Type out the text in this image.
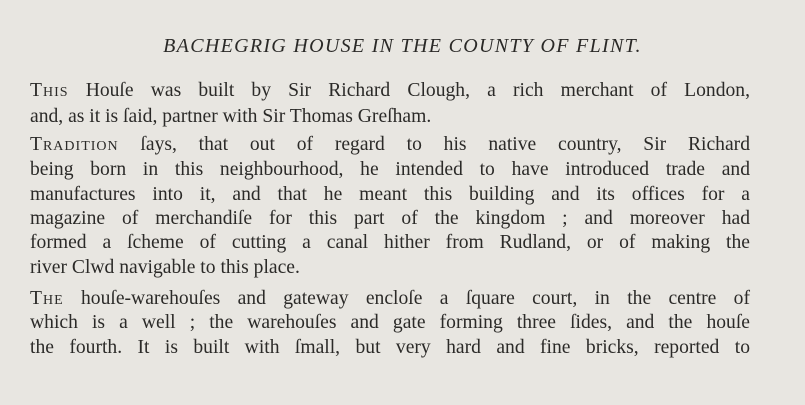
BACHEGRIG HOUSE IN THE COUNTY OF FLINT.
This Houſe was built by Sir Richard Clough, a rich merchant of London,
and, as it is ſaid, partner with Sir Thomas Greſham.
Tradition ſays, that out of regard to his native country, Sir Richard
being born in this neighbourhood, he intended to have introduced trade and
manufactures into it, and that he meant this building and its offices for a
magazine of merchandiſe for this part of the kingdom ; and moreover had
formed a ſcheme of cutting a canal hither from Rudland, or of making the
river Clwd navigable to this place.
The houſe-warehouſes and gateway encloſe a ſquare court, in the centre of
which is a well ; the warehouſes and gate forming three ſides, and the houſe
the fourth. It is built with ſmall, but very hard and fine bricks, reported to
